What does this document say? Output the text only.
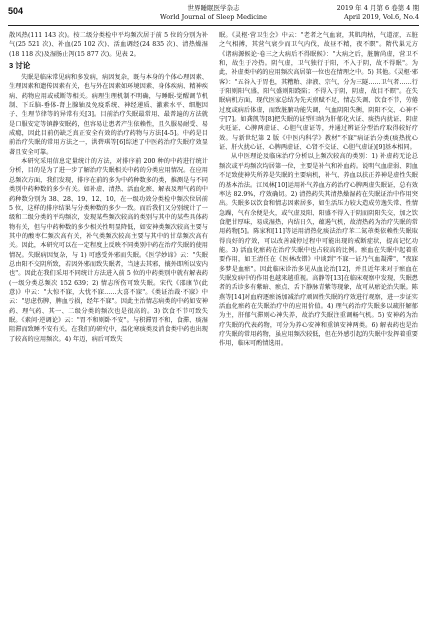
504	世界睡眠医学杂志
World Journal of Sleep Medicine
2019 年 4 月第 6 卷第 4 期
April 2019, Vol.6, No.4

散风热(111 143 次)。按二级分类检中平均频次居于前 5 位的分别为补气(25 521 次)、补血(25 102 次)、活血调经(24 835 次)、清热燥湿(18 118 次)及湿肠止泻(15 877 次)。见表 2。

3 讨论

失眠是临床常见病和多发病，病因复杂，既与本身的个体心理因素、生理因素和遗传因素有关，也与外在因素如环境因素、身体疾病、精神疾病、药物应用或戒断等相关。病理生理机制不明确，与睡眠-觉醒调节机制、下丘脑-垂体-肾上腺轴及免疫系统、神经递质、激素水平、细胞因子、生理节律等的异常有关[3]。目前治疗失眠最常用、最普遍的方法就是口服安定等镇静安眠药，但容易让患者产生依赖性，且久服易耐受、易成瘾，因此目前仍缺乏真正安全有效的治疗药物与方法[4-5]。中药是目前治疗失眠的常用方法之一，洪碧琪等[6]综述了中医药治疗失眠疗效显著且安全可靠。

本研究采用信息定量统计的方法，对排序前 200 种的中药进行统计分析，目的是为了进一步了解治疗失眠相关中药的分类应用情况。在应用总频次方面，我们发现，排序在前的多为中药种数多的类，推测是与不同类别中药种数的多少有关。如补虚、清热、活血化瘀、解表及理气药的中药种数分别为 38、28、19、12、10，在一级功效分类检中频次位居前 5 位，这样的排序结果与分类种数的多少一致。而后我们又分别统计了一级和二级分类的平均频次，发现某些频次较高的类别与其中的某些具体药物有关，但与中药种数的多少相关性明显降低，如安神类频次较高主要与其中的酸枣仁频次高有关，补气类频次较高主要与其中的甘草频次高有关。因此，本研究可以在一定程度上反映不同类别中药在治疗失眠的使用情况。失眠病因复杂，与 1) 可感受外邪而失眠。《医学妙谛》云："失眠总由阳不交阴所致，若因外邪而致失眠者，当速去其邪，攘外即所以安内也"。因此在我们采用不同统计方法进入前 5 位的中药类别中就有解表药(一级分类总频次 152 639；2) 情志所伤可致失眠。宋代《邵康节(此意)》中云："大惊不寐，大忧不寐……大喜不寐"。《类证治裁·不寐》中云："思虑伤脾，脾血亏损，经年不寐"。因此主治情志病类的中药如安神药、理气药、其一、二级分类的频次也是很高的。3) 饮食不节可致失眠。《素问·逆调论》云："胃不和则卧不安"。与积滞胃不和，食滞、痰湿阻滞而致睡不安有关。在我们的研究中，温化寒痰类及消食类中药也出现了较高的应用频次。4) 年迈，病后可致失

眠。《灵枢·营卫生会》中云："老者之气血衰，其肌肉枯，气道涩，五脏之气相搏，其营气衰少而卫气内伐，故昼不精，夜不瞑"。隋代巢元方《诸病源候论·卷三之大病后不得眠候》："大病之后，脏腑尚虚，营卫不和，故生于冷热。阴气虚，卫气独行于阳，不入于阴，故不得眠"。为此，补虚类中药的应用频次高居第一位也在情理之中。5) 其他。《灵枢·邪客》："五谷入于胃也，其糟粕、津液、宗气，分为三隧……卫气者……行于阳则阳气盛，阳气盛则阳跷陷；不得入于阴，阴虚，故目不瞑"。在失眠病机方面，现代医家总结为先天禀赋不足，情志失调、饮食不节，劳倦过度或病后体虚，而致脏腑功能失调，气血阴阳失衡，阴阳不交、心神不宁[7]。如龚凯等[8]把失眠的证型归纳为肝郁化火证、痰热内扰证、阴虚火旺证、心脾两虚证、心胆气虚证等，并通过辨证分型治疗取得较好疗效。与新世纪第 2 版《中医内科学》教材"不寐"病证治分类(痰热扰心证、肝火扰心证、心脾两虚证、心肾不交证、心胆气虚证)[9]基本相同。

从中医理论及临床治疗分析以上频次较高的类别：1) 补虚药无论总频次或平均频次均居第一位，主要是补气和补血药。说明气血虚弱、阴血不足致使神失所养是失眠的主要病机，补气、养血以扶正养神是虚性失眠的基本治法。江凤林[10]运用补气养血方药治疗心脾两虚失眠证，总有效率达 82.9%，疗效确切。2) 清热药失其清热燥湿药在失眠证治中作用突出。失眠多以饮食和情志因素居多，如生活压力较大造成劳逸失常、性情急躁，气有余便是火，或气虚及阳、阳盛不得入于阴而阴阳失交，加之饮食肥甘厚味，易成湿热，内结日久，蕴遏气机，故清热药为治疗失眠的常用药物[5]。陈家和[11]等运用清热化痰法治疗苯二氮䓬类依赖性失眠取得良好的疗效，可以改善减停过程中可能出现的戒断症状，提高记忆功能。3) 活血化瘀药在治疗失眠中也占较高的比例。瘀血在失眠中起着重要作用，如王清任在《医林改错》中谈到"不寐一证乃气血凝滞"，"夜寐多梦是血瘀"。因此临床诊治多见从血论治[12]，并且近年来对于瘀血在失眠发病中的作用也越来越重视。高静等[13]在临床观察中发现，失眠患者的舌诊多有紫暗、瘀点、舌下静脉青紫等现象，故可从瘀论治失眠。陈燕等[14]对血府逐瘀汤加减治疗顽固性失眠的疗效进行观察，进一步证实活血化瘀药在失眠治疗中的应用价值。4) 理气药治疗失眠多以疏肝解郁为主，肝郁气滞则心神失养，故治疗失眠注重调畅气机。5) 安神药为治疗失眠的代表药物，可分为养心安神和重镇安神两类。6) 解表药也是治疗失眠的常用药物，虽应用频次较低，但在外感引起的失眠中发挥着重要作用，临床可酌情选用。
